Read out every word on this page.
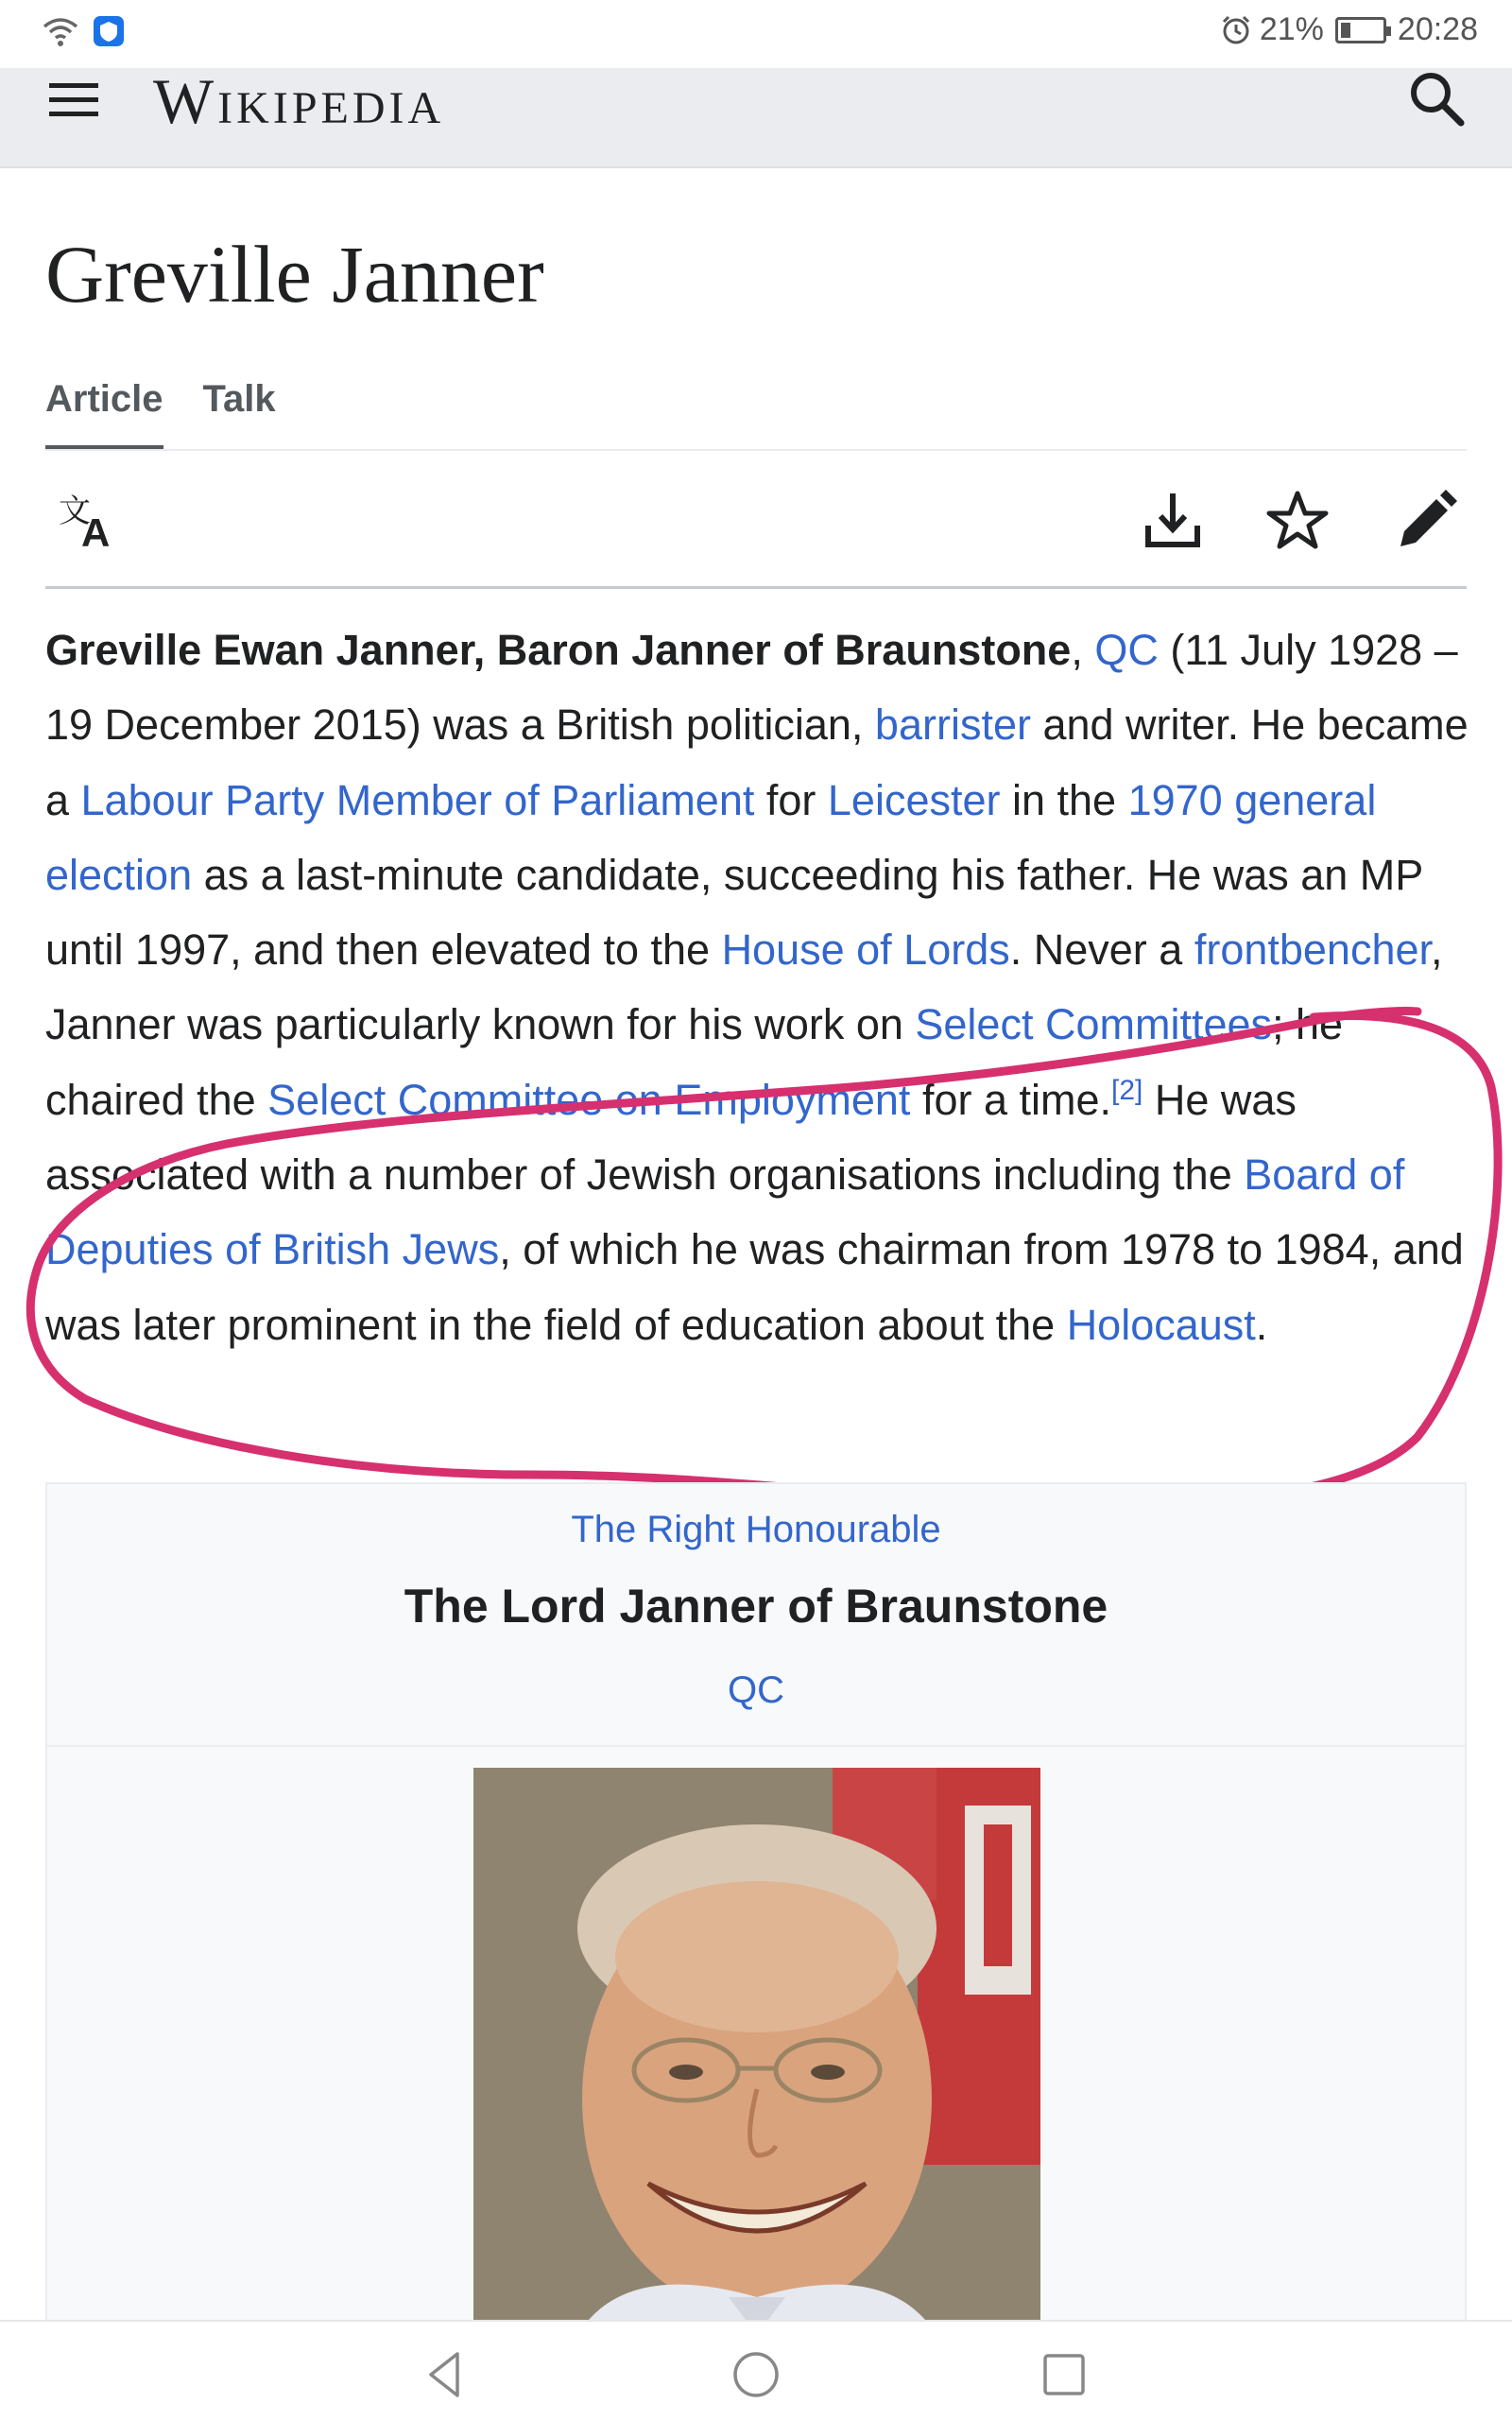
21% 20:28
Wikipedia
Greville Janner
Article Talk
文
A

Greville Ewan Janner, Baron Janner of Braunstone, QC (11 July 1928 – 19 December 2015) was a British politician, barrister and writer. He became a Labour Party Member of Parliament for Leicester in the 1970 general election as a last-minute candidate, succeeding his father. He was an MP until 1997, and then elevated to the House of Lords. Never a frontbencher, Janner was particularly known for his work on Select Committees; he chaired the Select Committee on Employment for a time.[2] He was associated with a number of Jewish organisations including the Board of Deputies of British Jews, of which he was chairman from 1978 to 1984, and was later prominent in the field of education about the Holocaust.

The Right Honourable
The Lord Janner of Braunstone
QC
